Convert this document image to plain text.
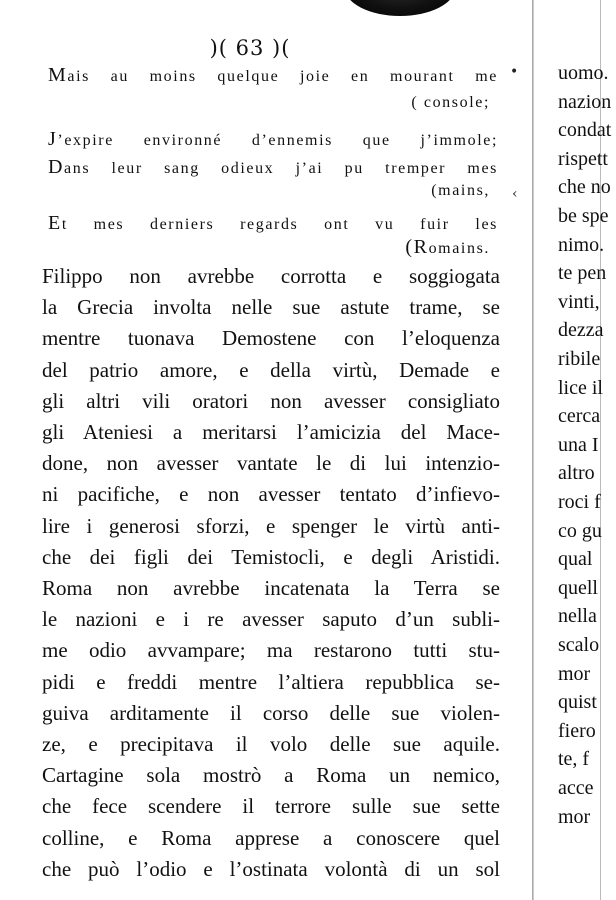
•
‹
)( 63 )(
Mais au moins quelque joie en mourant me
( console;
J’expire environné d’ennemis que j’immole;
Dans leur sang odieux j’ai pu tremper mes
(mains,
Et mes derniers regards ont vu fuir les
(Romains.
Filippo non avrebbe corrotta e soggiogata
la Grecia involta nelle sue astute trame, se
mentre tuonava Demostene con l’eloquenza
del patrio amore, e della virtù, Demade e
gli altri vili oratori non avesser consigliato
gli Ateniesi a meritarsi l’amicizia del Mace-
done, non avesser vantate le di lui intenzio-
ni pacifiche, e non avesser tentato d’infievo-
lire i generosi sforzi, e spenger le virtù anti-
che dei figli dei Temistocli, e degli Aristidi.
Roma non avrebbe incatenata la Terra se
le nazioni e i re avesser saputo d’un subli-
me odio avvampare; ma restarono tutti stu-
pidi e freddi mentre l’altiera repubblica se-
guiva arditamente il corso delle sue violen-
ze, e precipitava il volo delle sue aquile.
Cartagine sola mostrò a Roma un nemico,
che fece scendere il terrore sulle sue sette
colline, e Roma apprese a conoscere quel
che può l’odio e l’ostinata volontà di un sol
uomo.
nazion
condat
rispett
che no
be spe
nimo.
te pen
vinti,
dezza
ribile
lice il
cerca
una I
altro
roci f
co gu
qual
quell
nella
scalo
mor
quist
fiero
te, f
acce
mor
